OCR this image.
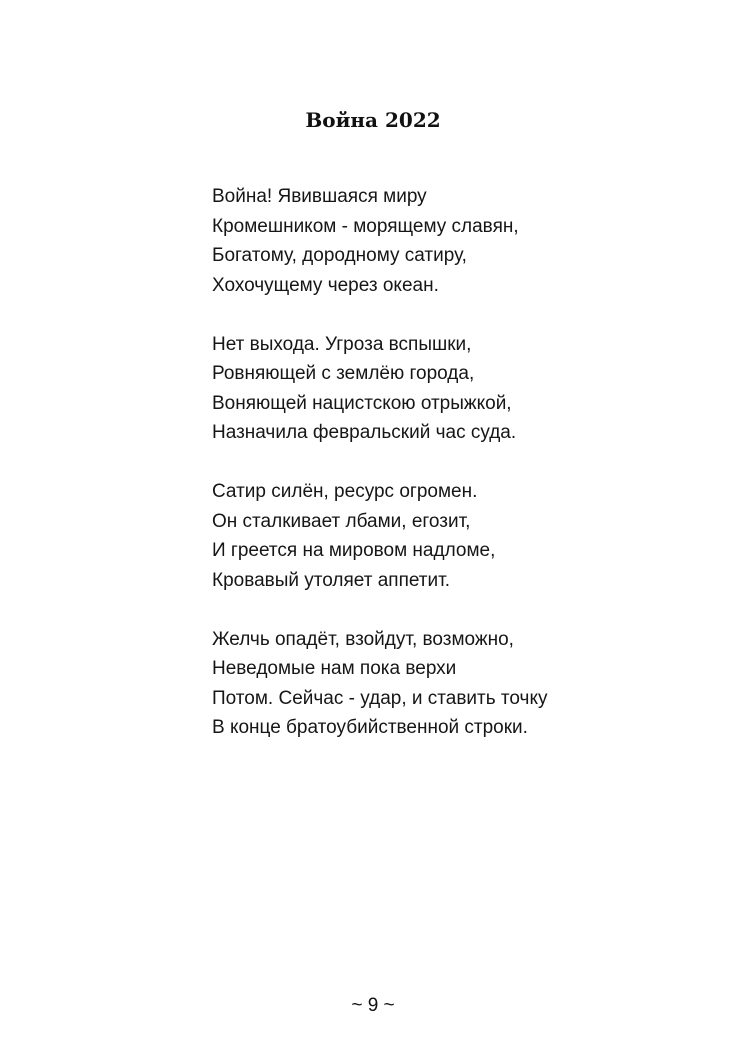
Война 2022
Война! Явившаяся миру
Кромешником - морящему славян,
Богатому, дородному сатиру,
Хохочущему через океан.
Нет выхода. Угроза вспышки,
Ровняющей с землёю города,
Воняющей нацистскою отрыжкой,
Назначила февральский час суда.
Сатир силён, ресурс огромен.
Он сталкивает лбами, егозит,
И греется на мировом надломе,
Кровавый утоляет аппетит.
Желчь опадёт, взойдут, возможно,
Неведомые нам пока верхи
Потом. Сейчас - удар, и ставить точку
В конце братоубийственной строки.
~ 9 ~
